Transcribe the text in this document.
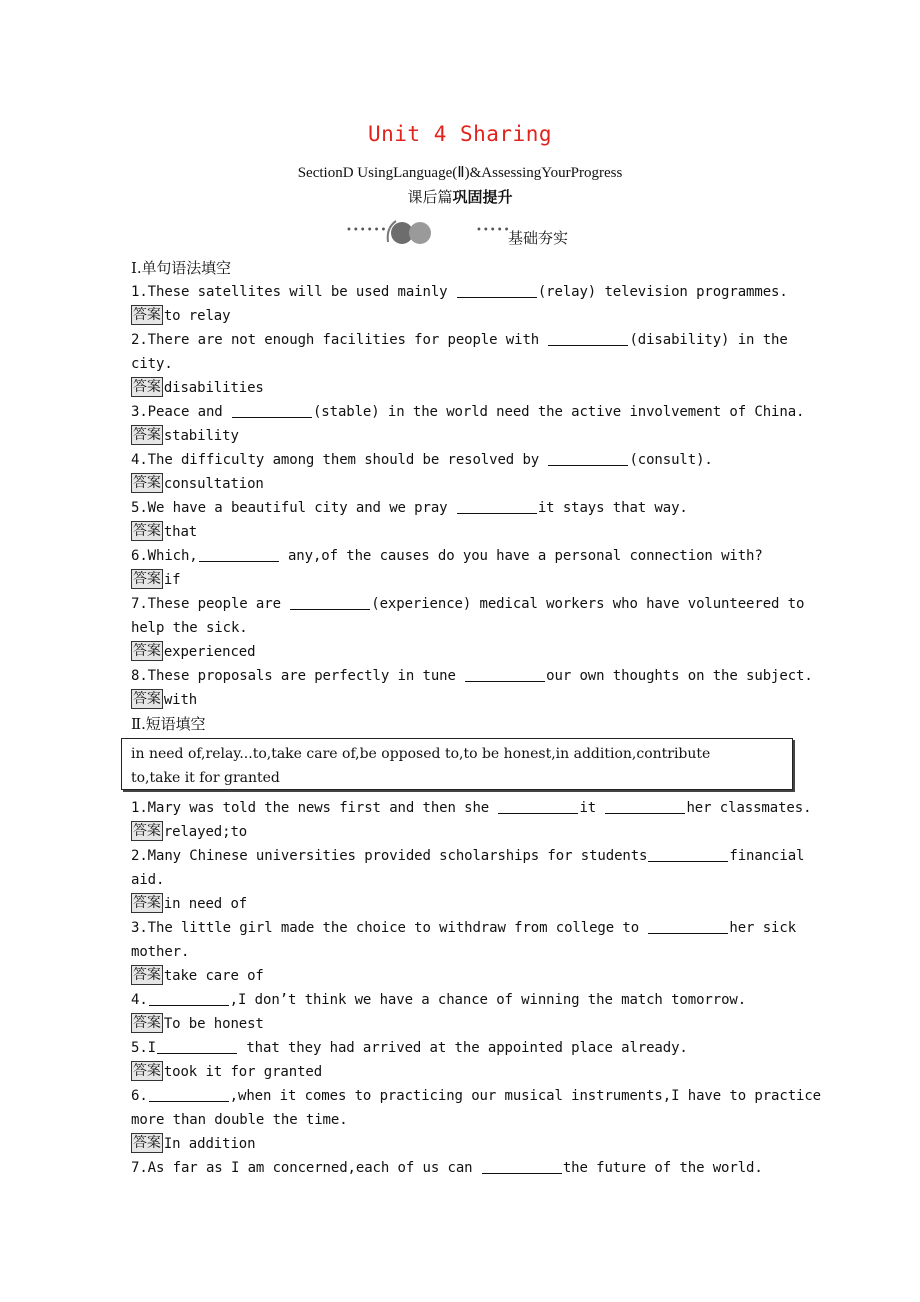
Unit 4 Sharing
SectionD UsingLanguage(Ⅱ)&AssessingYourProgress
课后篇巩固提升
••••••	•••••
基础夯实
Ⅰ.单句语法填空
1.These satellites will be used mainly	(relay) television programmes.
答案 to relay
2.There are not enough facilities for people with	(disability) in the
city.
答案 disabilities
3.Peace and	(stable) in the world need the active involvement of China.
答案 stability
4.The difficulty among them should be resolved by	(consult).
答案 consultation
5.We have a beautiful city and we pray	it stays that way.
答案 that
6.Which,	any,of the causes do you have a personal connection with?
答案 if
7.These people are	(experience) medical workers who have volunteered to
help the sick.
答案 experienced
8.These proposals are perfectly in tune	our own thoughts on the subject.
答案 with
Ⅱ.短语填空
in need of,relay...to,take care of,be opposed to,to be honest,in addition,contribute
to,take it for granted
1.Mary was told the news first and then she	it	her classmates.
答案 relayed;to
2.Many Chinese universities provided scholarships for students	financial
aid.
答案 in need of
3.The little girl made the choice to withdraw from college to	her sick
mother.
答案 take care of
4.	,I don’t think we have a chance of winning the match tomorrow.
答案 To be honest
5.I	that they had arrived at the appointed place already.
答案 took it for granted
6.	,when it comes to practicing our musical instruments,I have to practice
more than double the time.
答案 In addition
7.As far as I am concerned,each of us can	the future of the world.
